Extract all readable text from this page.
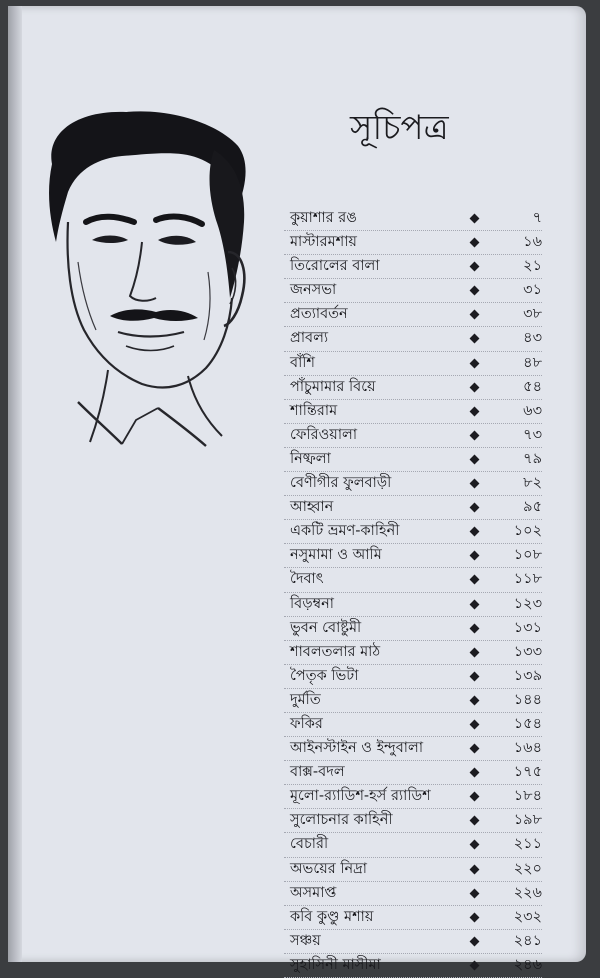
সূচিপত্র
কুয়াশার রঙ	৭
মাস্টারমশায়	১৬
তিরোলের বালা	২১
জনসভা	৩১
প্রত্যাবর্তন	৩৮
প্রাবল্য	৪৩
বাঁশি	৪৮
পাঁচুমামার বিয়ে	৫৪
শান্তিরাম	৬৩
ফেরিওয়ালা	৭৩
নিষ্ফলা	৭৯
বেণীগীর ফুলবাড়ী	৮২
আহ্বান	৯৫
একটি ভ্রমণ-কাহিনী	১০২
নসুমামা ও আমি	১০৮
দৈবাৎ	১১৮
বিড়ম্বনা	১২৩
ভুবন বোষ্টুমী	১৩১
শাবলতলার মাঠ	১৩৩
পৈতৃক ভিটা	১৩৯
দুর্মতি	১৪৪
ফকির	১৫৪
আইনস্টাইন ও ইন্দুবালা	১৬৪
বাক্স-বদল	১৭৫
মূলো-র‍্যাডিশ-হর্স র‍্যাডিশ	১৮৪
সুলোচনার কাহিনী	১৯৮
বেচারী	২১১
অভয়ের নিদ্রা	২২০
অসমাপ্ত	২২৬
কবি কুণ্ডু মশায়	২৩২
সঞ্চয়	২৪১
সুহাসিনী মাসীমা	২৪৬
